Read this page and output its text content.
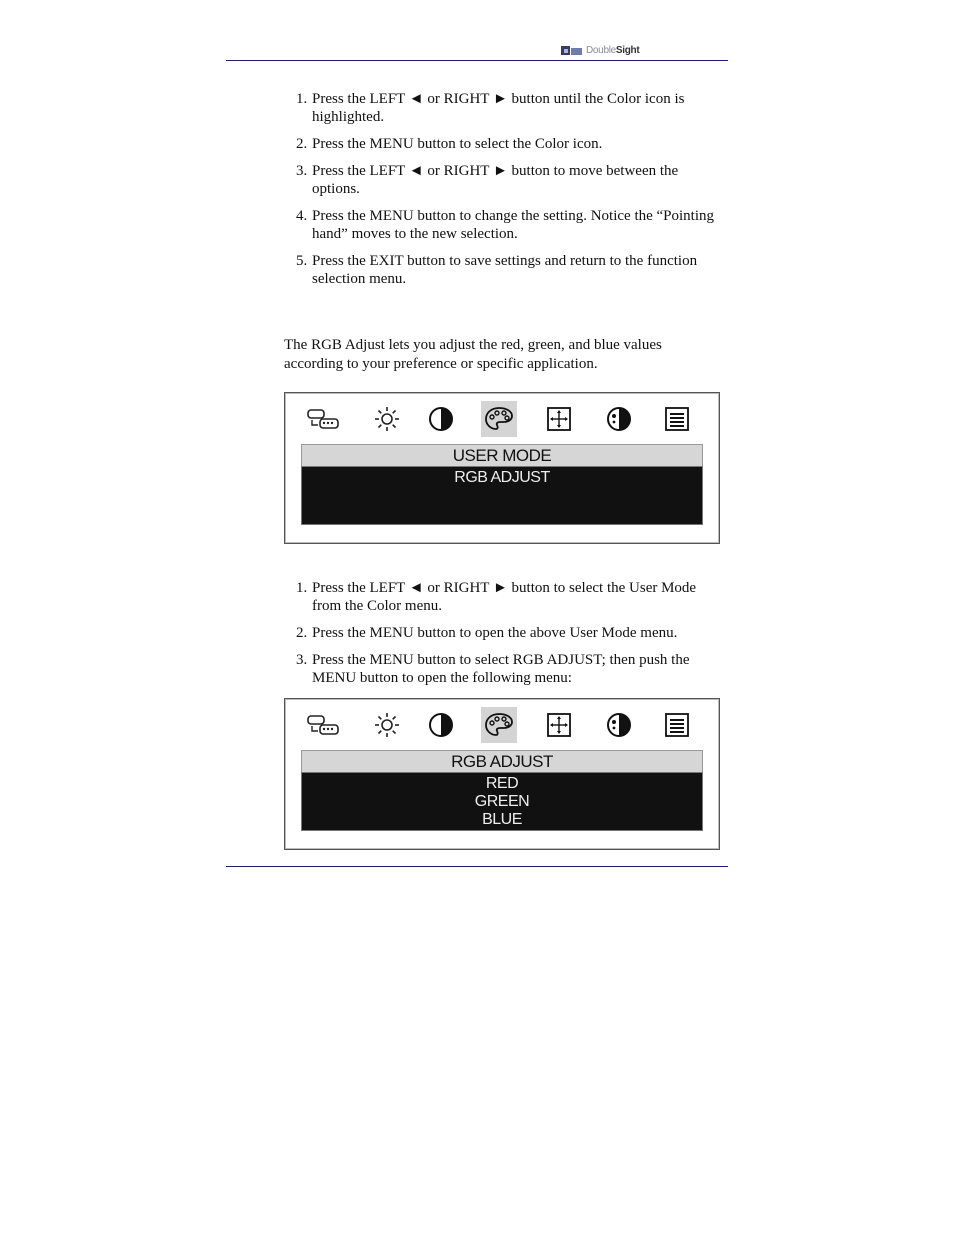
DoubleSight
1. Press the LEFT ◄ or RIGHT ► button until the Color icon is highlighted.
2. Press the MENU button to select the Color icon.
3. Press the LEFT ◄ or RIGHT ► button to move between the options.
4. Press the MENU button to change the setting. Notice the “Pointing hand” moves to the new selection.
5. Press the EXIT button to save settings and return to the function selection menu.

The RGB Adjust lets you adjust the red, green, and blue values according to your preference or specific application.

USER MODE
RGB ADJUST
1. Press the LEFT ◄ or RIGHT ► button to select the User Mode from the Color menu.
2. Press the MENU button to open the above User Mode menu.
3. Press the MENU button to select RGB ADJUST; then push the MENU button to open the following menu:
RGB ADJUST
RED
GREEN
BLUE
